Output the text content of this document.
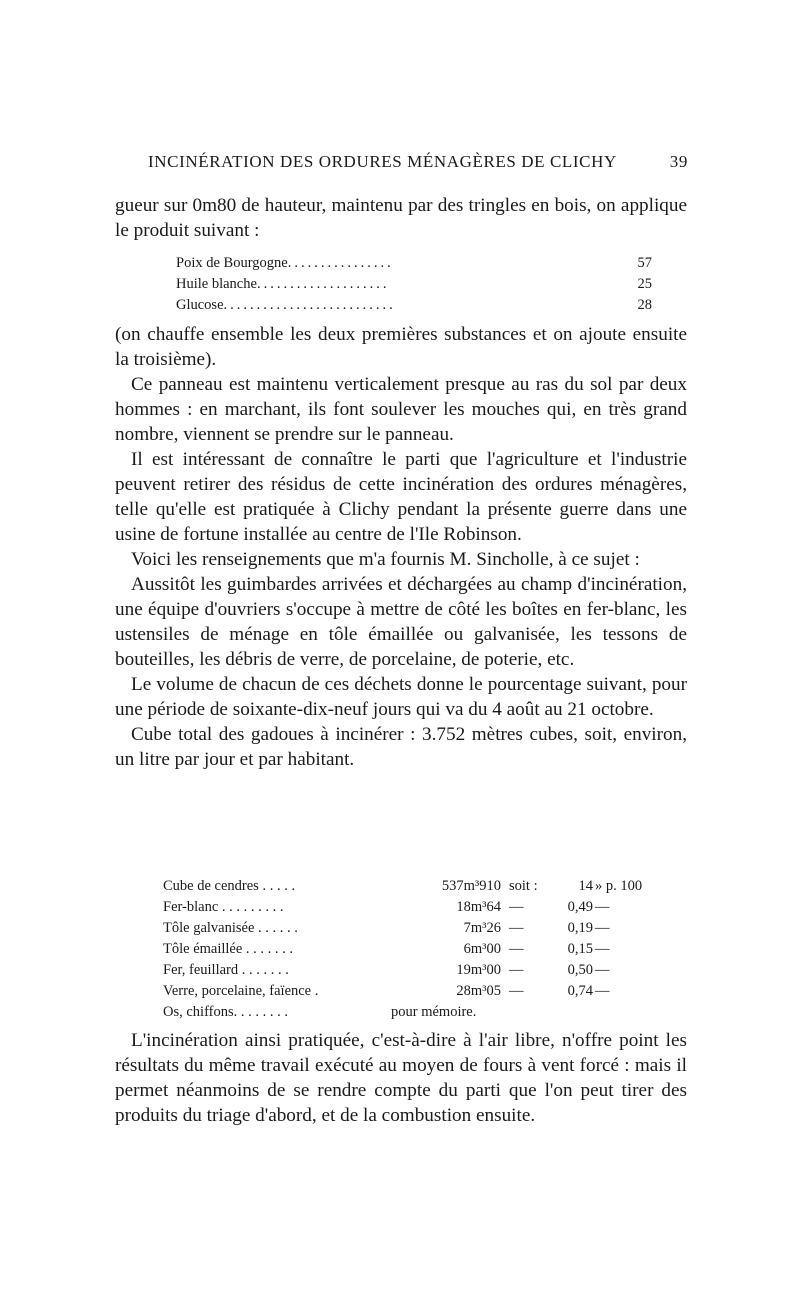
INCINÉRATION DES ORDURES MÉNAGÈRES DE CLICHY	39

gueur sur 0m80 de hauteur, maintenu par des tringles en bois, on applique le produit suivant :

Poix de Bourgogne ................	57
Huile blanche ....................	25
Glucose ..........................	28

(on chauffe ensemble les deux premières substances et on ajoute ensuite la troisième).

Ce panneau est maintenu verticalement presque au ras du sol par deux hommes : en marchant, ils font soulever les mouches qui, en très grand nombre, viennent se prendre sur le panneau.

Il est intéressant de connaître le parti que l'agriculture et l'industrie peuvent retirer des résidus de cette incinération des ordures ménagères, telle qu'elle est pratiquée à Clichy pendant la présente guerre dans une usine de fortune installée au centre de l'Ile Robinson.

Voici les renseignements que m'a fournis M. Sincholle, à ce sujet :

Aussitôt les guimbardes arrivées et déchargées au champ d'incinération, une équipe d'ouvriers s'occupe à mettre de côté les boîtes en fer-blanc, les ustensiles de ménage en tôle émaillée ou galvanisée, les tessons de bouteilles, les débris de verre, de porcelaine, de poterie, etc.

Le volume de chacun de ces déchets donne le pourcentage suivant, pour une période de soixante-dix-neuf jours qui va du 4 août au 21 octobre.

Cube total des gadoues à incinérer : 3.752 mètres cubes, soit, environ, un litre par jour et par habitant.

Cube de cendres . . . . .	537m³910 soit :	14 » p. 100
Fer-blanc . . . . . . . . .	18m³64 —	0,49 —
Tôle galvanisée . . . . . .	7m³26 —	0,19 —
Tôle émaillée . . . . . . .	6m³00 —	0,15 —
Fer, feuillard . . . . . . .	19m³00 —	0,50 —
Verre, porcelaine, faïence .	28m³05 —	0,74 —
Os, chiffons. . . . . . . .	pour mémoire.

L'incinération ainsi pratiquée, c'est-à-dire à l'air libre, n'offre point les résultats du même travail exécuté au moyen de fours à vent forcé : mais il permet néanmoins de se rendre compte du parti que l'on peut tirer des produits du triage d'abord, et de la combustion ensuite.
